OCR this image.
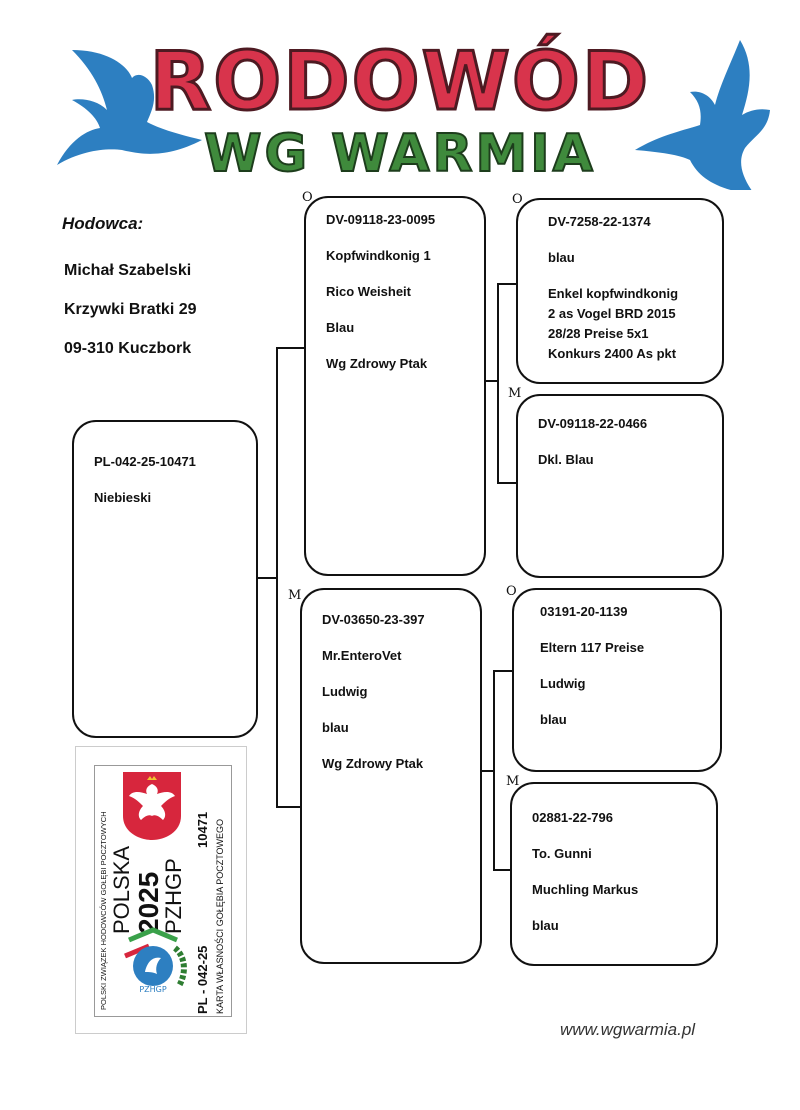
RODOWÓD
WG WARMIA
Hodowca:
Michał Szabelski
Krzywki Bratki 29
09-310 Kuczbork
PL-042-25-10471
Niebieski
O
DV-09118-23-0095
Kopfwindkonig 1
Rico Weisheit
Blau
Wg Zdrowy Ptak
M
DV-03650-23-397
Mr.EnteroVet
Ludwig
blau
Wg Zdrowy Ptak
O
DV-7258-22-1374
blau
Enkel kopfwindkonig
2 as Vogel BRD 2015
28/28 Preise 5x1
Konkurs 2400 As pkt
M
DV-09118-22-0466
Dkl. Blau
O
03191-20-1139
Eltern 117 Preise
Ludwig
blau
M
02881-22-796
To. Gunni
Muchling Markus
blau
POLSKI ZWIĄZEK HODOWCÓW GOŁĘBI POCZTOWYCH POLSKA 2025
PZHGP
10471
PL - 042-25 KARTA WŁASNOŚCI GOŁĘBIA POCZTOWEGO
PZHGP
www.wgwarmia.pl
